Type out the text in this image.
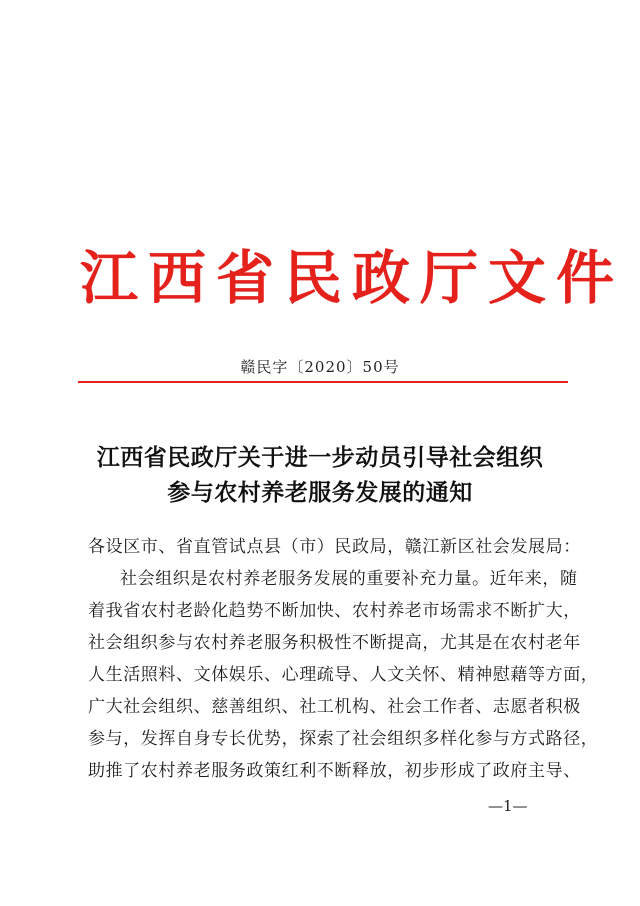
江西省民政厅文件
赣民字〔2020〕50号
江西省民政厅关于进一步动员引导社会组织
参与农村养老服务发展的通知
各设区市、省直管试点县（市）民政局，赣江新区社会发展局：
社会组织是农村养老服务发展的重要补充力量。近年来，随
着我省农村老龄化趋势不断加快、农村养老市场需求不断扩大，
社会组织参与农村养老服务积极性不断提高，尤其是在农村老年
人生活照料、文体娱乐、心理疏导、人文关怀、精神慰藉等方面，
广大社会组织、慈善组织、社工机构、社会工作者、志愿者积极
参与，发挥自身专长优势，探索了社会组织多样化参与方式路径，
助推了农村养老服务政策红利不断释放，初步形成了政府主导、
—1—
